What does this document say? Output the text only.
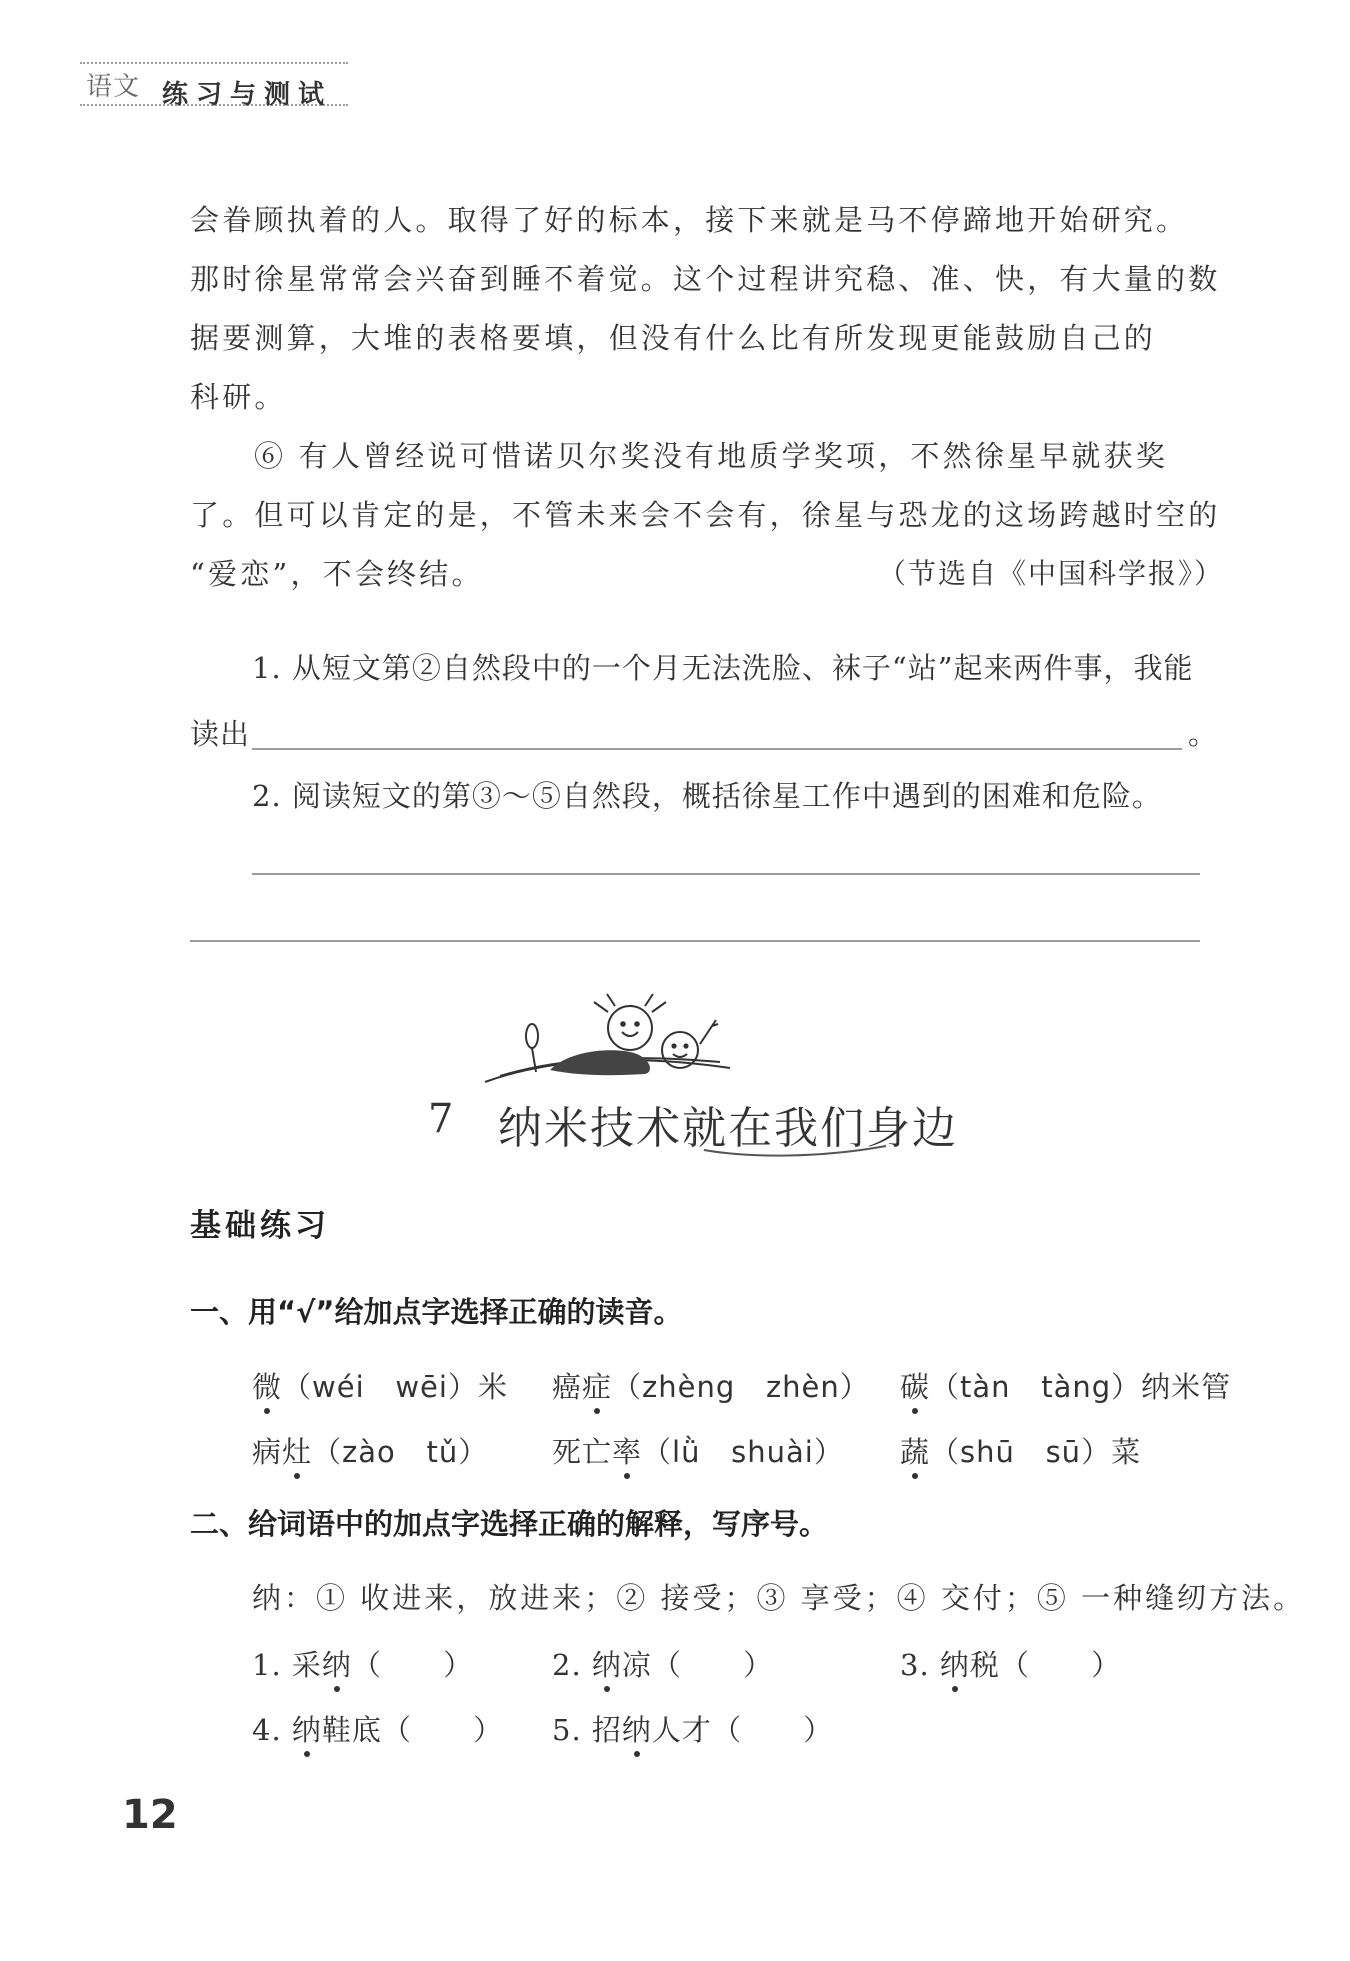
语文 练习与测试
会眷顾执着的人。取得了好的标本，接下来就是马不停蹄地开始研究。
那时徐星常常会兴奋到睡不着觉。这个过程讲究稳、准、快，有大量的数
据要测算，大堆的表格要填，但没有什么比有所发现更能鼓励自己的
科研。
⑥ 有人曾经说可惜诺贝尔奖没有地质学奖项，不然徐星早就获奖
了。但可以肯定的是，不管未来会不会有，徐星与恐龙的这场跨越时空的
“爱恋”，不会终结。	（节选自《中国科学报》）
1. 从短文第②自然段中的一个月无法洗脸、袜子“站”起来两件事，我能
读出	。
2. 阅读短文的第③～⑤自然段，概括徐星工作中遇到的困难和危险。
7 纳米技术就在我们身边
基础练习
一、用“√”给加点字选择正确的读音。
微（wéi wēi）米 癌症（zhèng zhèn） 碳（tàn tàng）纳米管
病灶（zào tǔ） 死亡率（lǜ shuài） 蔬（shū sū）菜
二、给词语中的加点字选择正确的解释，写序号。
纳：① 收进来，放进来；② 接受；③ 享受；④ 交付；⑤ 一种缝纫方法。
1. 采纳（      ）	2. 纳凉（      ）	3. 纳税（      ）
4. 纳鞋底（      ） 5. 招纳人才（      ）
12
